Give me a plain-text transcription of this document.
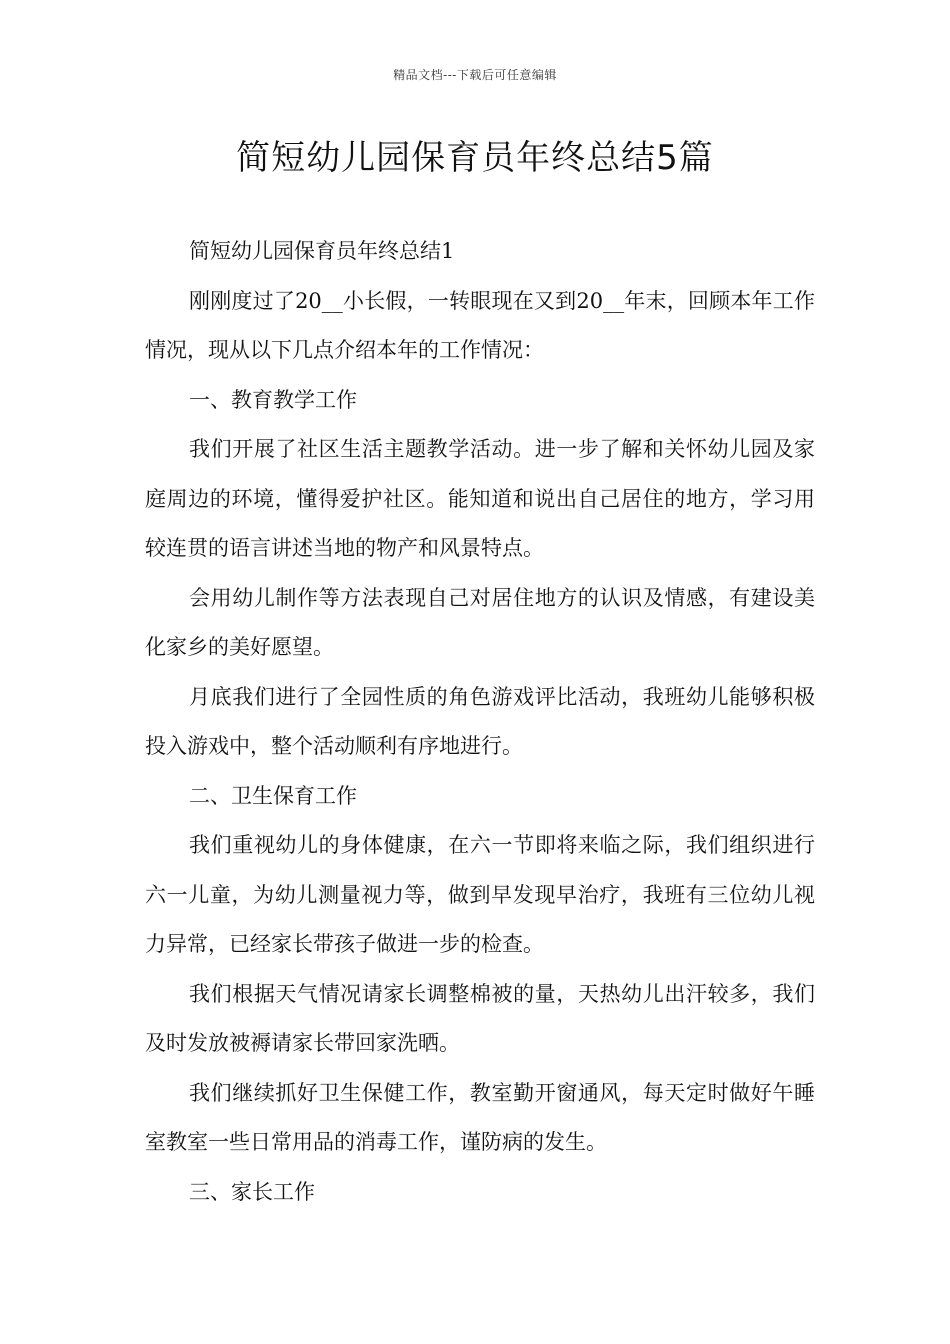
精品文档---下载后可任意编辑
简短幼儿园保育员年终总结5篇

简短幼儿园保育员年终总结1

刚刚度过了20__小长假，一转眼现在又到20__年末，回顾本年工作情况，现从以下几点介绍本年的工作情况：

一、教育教学工作

我们开展了社区生活主题教学活动。进一步了解和关怀幼儿园及家庭周边的环境，懂得爱护社区。能知道和说出自己居住的地方，学习用较连贯的语言讲述当地的物产和风景特点。

会用幼儿制作等方法表现自己对居住地方的认识及情感，有建设美化家乡的美好愿望。

月底我们进行了全园性质的角色游戏评比活动，我班幼儿能够积极投入游戏中，整个活动顺利有序地进行。

二、卫生保育工作

我们重视幼儿的身体健康，在六一节即将来临之际，我们组织进行六一儿童，为幼儿测量视力等，做到早发现早治疗，我班有三位幼儿视力异常，已经家长带孩子做进一步的检查。

我们根据天气情况请家长调整棉被的量，天热幼儿出汗较多，我们及时发放被褥请家长带回家洗晒。

我们继续抓好卫生保健工作，教室勤开窗通风，每天定时做好午睡室教室一些日常用品的消毒工作，谨防病的发生。

三、家长工作
